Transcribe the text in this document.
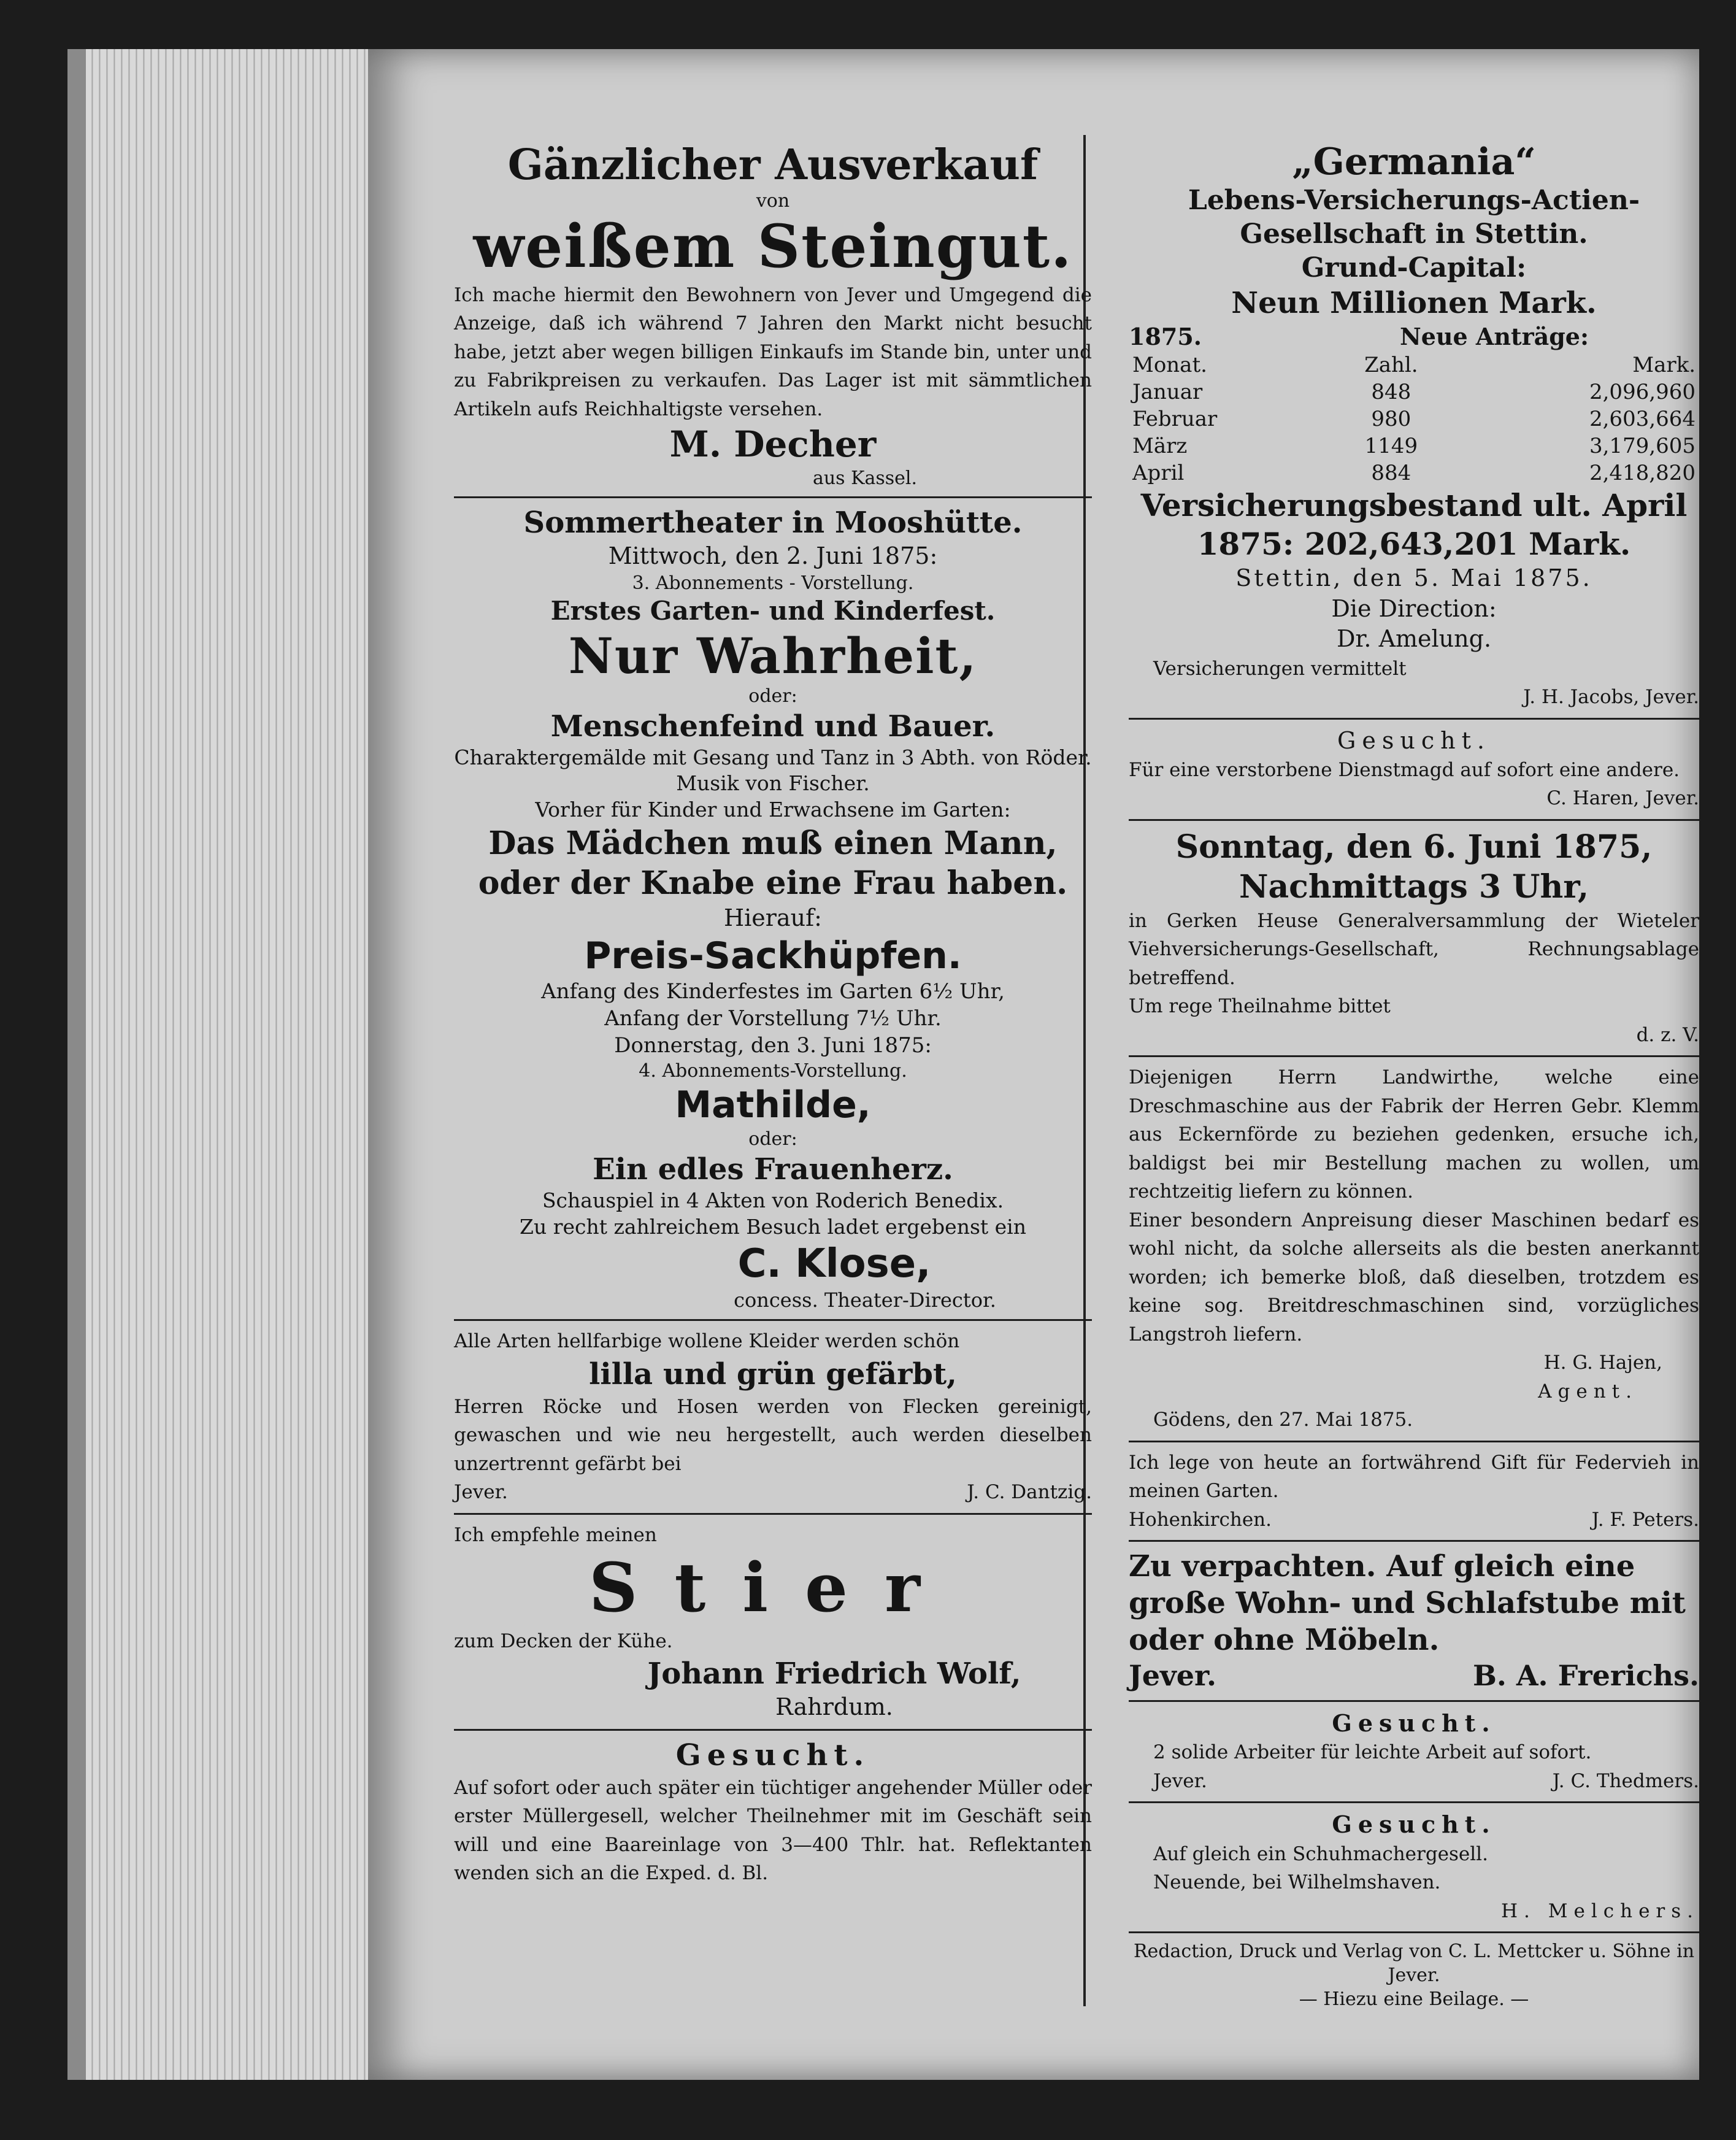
Gänzlicher Ausverkauf

von

weißem Steingut.

Ich mache hiermit den Bewohnern von Jever und Umgegend die Anzeige, daß ich während 7 Jahren den Markt nicht besucht habe, jetzt aber wegen billigen Einkaufs im Stande bin, unter und zu Fabrikpreisen zu verkaufen. Das Lager ist mit sämmtlichen Artikeln aufs Reichhaltigste versehen.

M. Decher

aus Kassel.

Sommertheater in Mooshütte.

Mittwoch, den 2. Juni 1875:

3. Abonnements - Vorstellung.

Erstes Garten- und Kinderfest.

Nur Wahrheit,

oder:

Menschenfeind und Bauer.

Charaktergemälde mit Gesang und Tanz in 3 Abth. von Röder. Musik von Fischer.

Vorher für Kinder und Erwachsene im Garten:

Das Mädchen muß einen Mann, oder der Knabe eine Frau haben.

Hierauf:

Preis-Sackhüpfen.

Anfang des Kinderfestes im Garten 6½ Uhr,

Anfang der Vorstellung 7½ Uhr.

Donnerstag, den 3. Juni 1875:

4. Abonnements-Vorstellung.

Mathilde,

oder:

Ein edles Frauenherz.

Schauspiel in 4 Akten von Roderich Benedix.

Zu recht zahlreichem Besuch ladet ergebenst ein

C. Klose,

concess. Theater-Director.

Alle Arten hellfarbige wollene Kleider werden schön

lilla und grün gefärbt,

Herren Röcke und Hosen werden von Flecken gereinigt, gewaschen und wie neu hergestellt, auch werden dieselben unzertrennt gefärbt bei

Jever.	J. C. Dantzig.

Ich empfehle meinen

Stier

zum Decken der Kühe.

Johann Friedrich Wolf,

Rahrdum.

Gesucht.

Auf sofort oder auch später ein tüchtiger angehender Müller oder erster Müllergesell, welcher Theilnehmer mit im Geschäft sein will und eine Baareinlage von 3—400 Thlr. hat. Reflektanten wenden sich an die Exped. d. Bl.

„Germania“

Lebens-Versicherungs-Actien-Gesellschaft in Stettin.

Grund-Capital:

Neun Millionen Mark.

1875.	Neue Anträge:
Monat.	Zahl.	Mark.
Januar	848	2,096,960
Februar	980	2,603,664
März	1149	3,179,605
April	884	2,418,820

Versicherungsbestand ult. April 1875: 202,643,201 Mark.

Stettin, den 5. Mai 1875.

Die Direction:

Dr. Amelung.

Versicherungen vermittelt

J. H. Jacobs, Jever.

Gesucht.

Für eine verstorbene Dienstmagd auf sofort eine andere.

C. Haren, Jever.

Sonntag, den 6. Juni 1875, Nachmittags 3 Uhr,

in Gerken Heuse Generalversammlung der Wieteler Viehversicherungs-Gesellschaft, Rechnungsablage betreffend.

Um rege Theilnahme bittet

d. z. V.

Diejenigen Herrn Landwirthe, welche eine Dreschmaschine aus der Fabrik der Herren Gebr. Klemm aus Eckernförde zu beziehen gedenken, ersuche ich, baldigst bei mir Bestellung machen zu wollen, um rechtzeitig liefern zu können.

Einer besondern Anpreisung dieser Maschinen bedarf es wohl nicht, da solche allerseits als die besten anerkannt worden; ich bemerke bloß, daß dieselben, trotzdem es keine sog. Breitdreschmaschinen sind, vorzügliches Langstroh liefern.

H. G. Hajen,

Agent.

Gödens, den 27. Mai 1875.

Ich lege von heute an fortwährend Gift für Federvieh in meinen Garten.

Hohenkirchen.	J. F. Peters.

Zu verpachten. Auf gleich eine große Wohn- und Schlafstube mit oder ohne Möbeln.

Jever.	B. A. Frerichs.

Gesucht.

2 solide Arbeiter für leichte Arbeit auf sofort.

Jever.	J. C. Thedmers.

Gesucht.

Auf gleich ein Schuhmachergesell.

Neuende, bei Wilhelmshaven.

H. Melchers.

Redaction, Druck und Verlag von C. L. Mettcker u. Söhne in Jever.

— Hiezu eine Beilage. —
